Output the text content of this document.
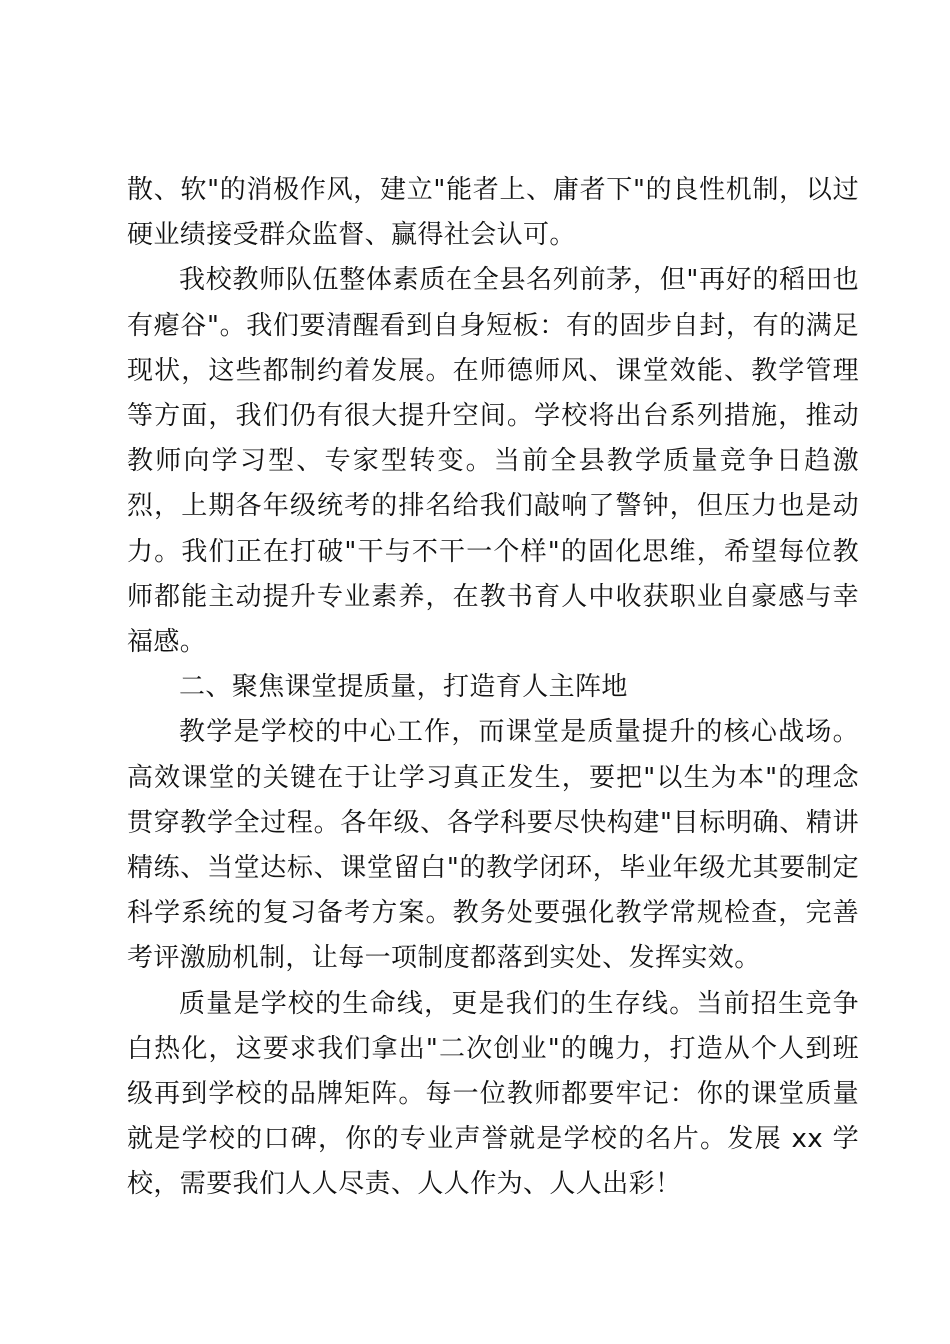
散、软"的消极作风，建立"能者上、庸者下"的良性机制，以过硬业绩接受群众监督、赢得社会认可。

我校教师队伍整体素质在全县名列前茅，但"再好的稻田也有瘪谷"。我们要清醒看到自身短板：有的固步自封，有的满足现状，这些都制约着发展。在师德师风、课堂效能、教学管理等方面，我们仍有很大提升空间。学校将出台系列措施，推动教师向学习型、专家型转变。当前全县教学质量竞争日趋激烈，上期各年级统考的排名给我们敲响了警钟，但压力也是动力。我们正在打破"干与不干一个样"的固化思维，希望每位教师都能主动提升专业素养，在教书育人中收获职业自豪感与幸福感。

二、聚焦课堂提质量，打造育人主阵地

教学是学校的中心工作，而课堂是质量提升的核心战场。高效课堂的关键在于让学习真正发生，要把"以生为本"的理念贯穿教学全过程。各年级、各学科要尽快构建"目标明确、精讲精练、当堂达标、课堂留白"的教学闭环，毕业年级尤其要制定科学系统的复习备考方案。教务处要强化教学常规检查，完善考评激励机制，让每一项制度都落到实处、发挥实效。

质量是学校的生命线，更是我们的生存线。当前招生竞争白热化，这要求我们拿出"二次创业"的魄力，打造从个人到班级再到学校的品牌矩阵。每一位教师都要牢记：你的课堂质量就是学校的口碑，你的专业声誉就是学校的名片。发展 xx 学校，需要我们人人尽责、人人作为、人人出彩！
